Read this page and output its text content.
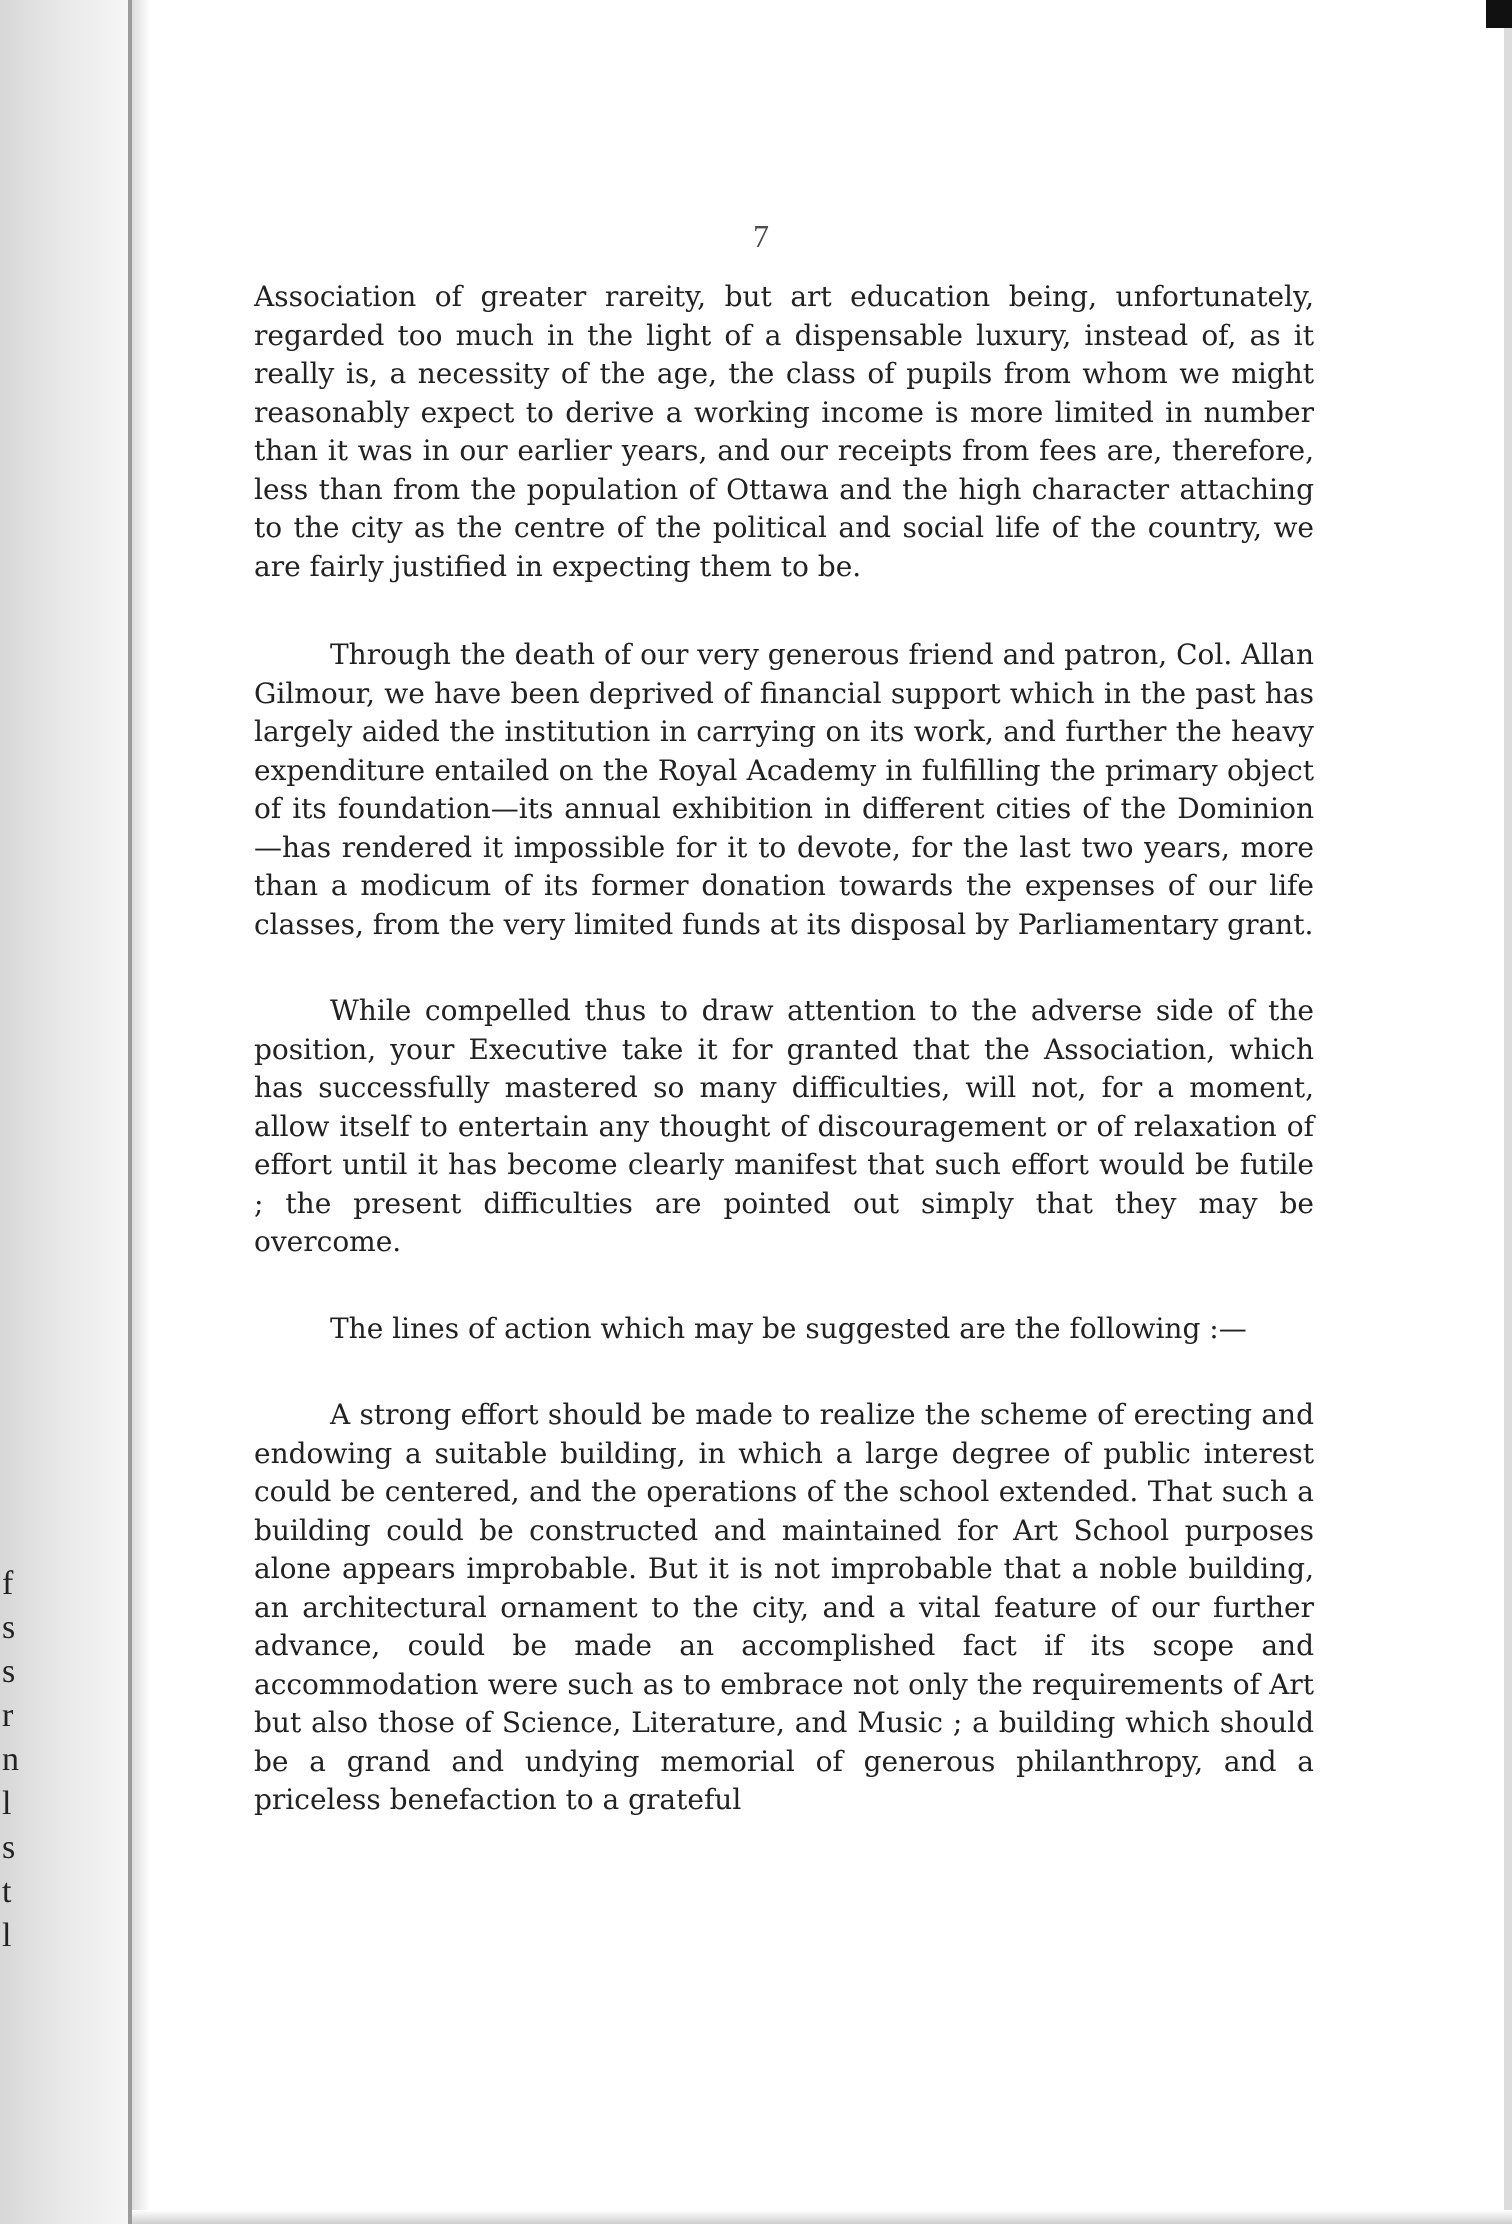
f
s
s
r
n
l
s
t
l
7

Association of greater rareity, but art education being, unfortunately, regarded too much in the light of a dispensable luxury, instead of, as it really is, a necessity of the age, the class of pupils from whom we might reasonably expect to derive a working income is more limited in number than it was in our earlier years, and our receipts from fees are, therefore, less than from the population of Ottawa and the high character attaching to the city as the centre of the political and social life of the country, we are fairly justified in expecting them to be.

Through the death of our very generous friend and patron, Col. Allan Gilmour, we have been deprived of financial support which in the past has largely aided the institution in carrying on its work, and further the heavy expenditure entailed on the Royal Academy in fulfilling the primary object of its foundation—its annual exhibition in different cities of the Dominion—has rendered it impossible for it to devote, for the last two years, more than a modicum of its former donation towards the expenses of our life classes, from the very limited funds at its disposal by Parliamentary grant.

While compelled thus to draw attention to the adverse side of the position, your Executive take it for granted that the Association, which has successfully mastered so many difficulties, will not, for a moment, allow itself to entertain any thought of discouragement or of relaxation of effort until it has become clearly manifest that such effort would be futile ; the present difficulties are pointed out simply that they may be overcome.

The lines of action which may be suggested are the following :—

A strong effort should be made to realize the scheme of erecting and endowing a suitable building, in which a large degree of public interest could be centered, and the operations of the school extended. That such a building could be constructed and maintained for Art School purposes alone appears improbable. But it is not improbable that a noble building, an architectural ornament to the city, and a vital feature of our further advance, could be made an accomplished fact if its scope and accommodation were such as to embrace not only the requirements of Art but also those of Science, Literature, and Music ; a building which should be a grand and undying memorial of generous philanthropy, and a priceless benefaction to a grateful
